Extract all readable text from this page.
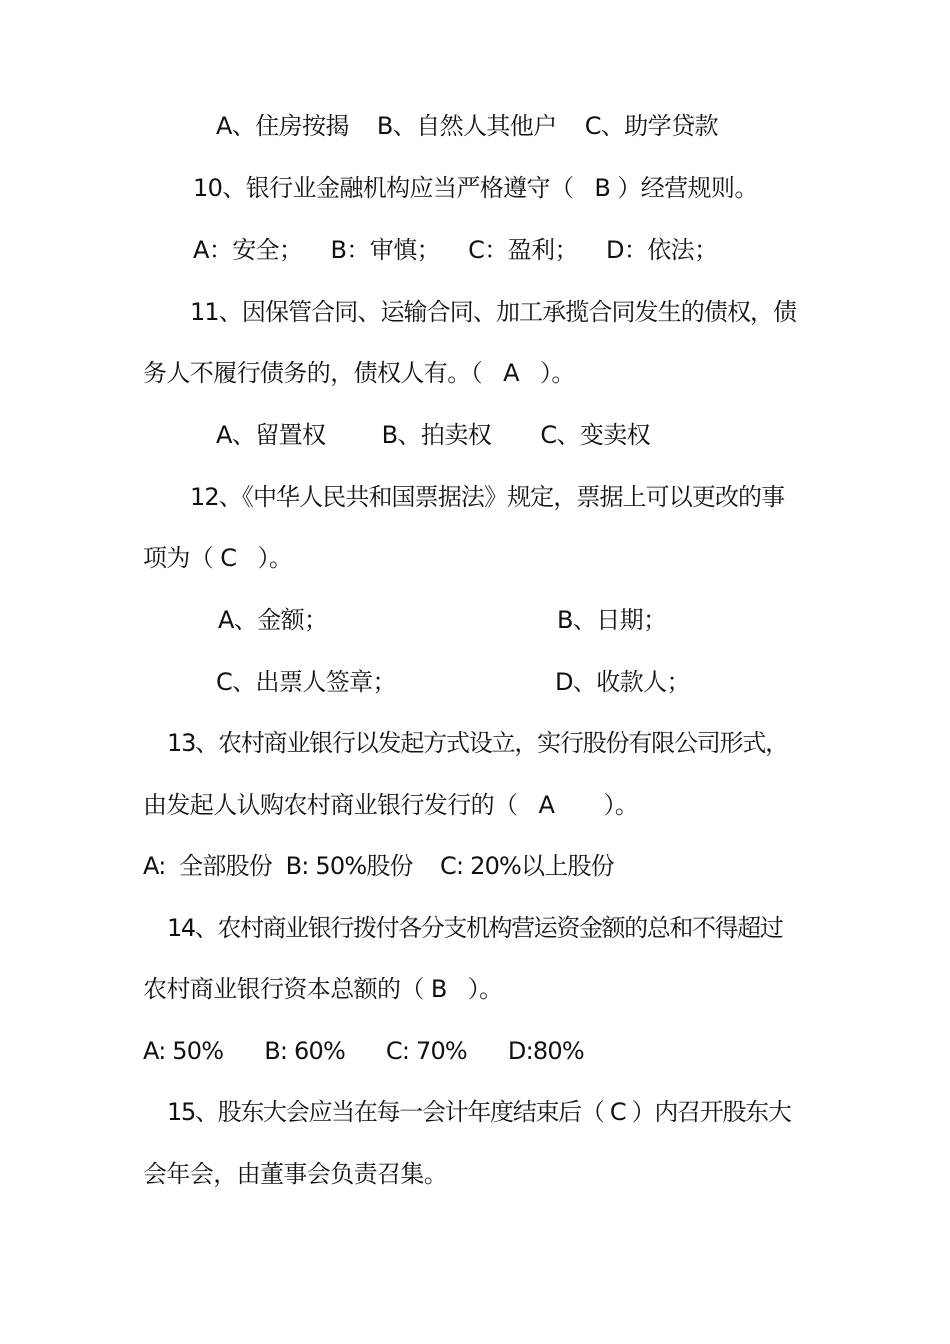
A、住房按揭    B、自然人其他户    C、助学贷款
10、银行业金融机构应当严格遵守（   B ）经营规则。
A：安全；    B：审慎；    C：盈利；    D：依法；
11、因保管合同、运输合同、加工承揽合同发生的债权，债
务人不履行债务的，债权人有。（   A   ）。
A、留置权        B、拍卖权       C、变卖权
12、《中华人民共和国票据法》规定，票据上可以更改的事
项为（ C   ）。
A、金额；	B、日期；
C、出票人签章；	D、收款人；
13、农村商业银行以发起方式设立，实行股份有限公司形式，
由发起人认购农村商业银行发行的（   A       ）。
A:  全部股份  B: 50%股份    C: 20%以上股份
14、农村商业银行拨付各分支机构营运资金额的总和不得超过
农村商业银行资本总额的（ B   ）。
A: 50%      B: 60%      C: 70%      D:80%
15、股东大会应当在每一会计年度结束后（ C ）内召开股东大
会年会，由董事会负责召集。
